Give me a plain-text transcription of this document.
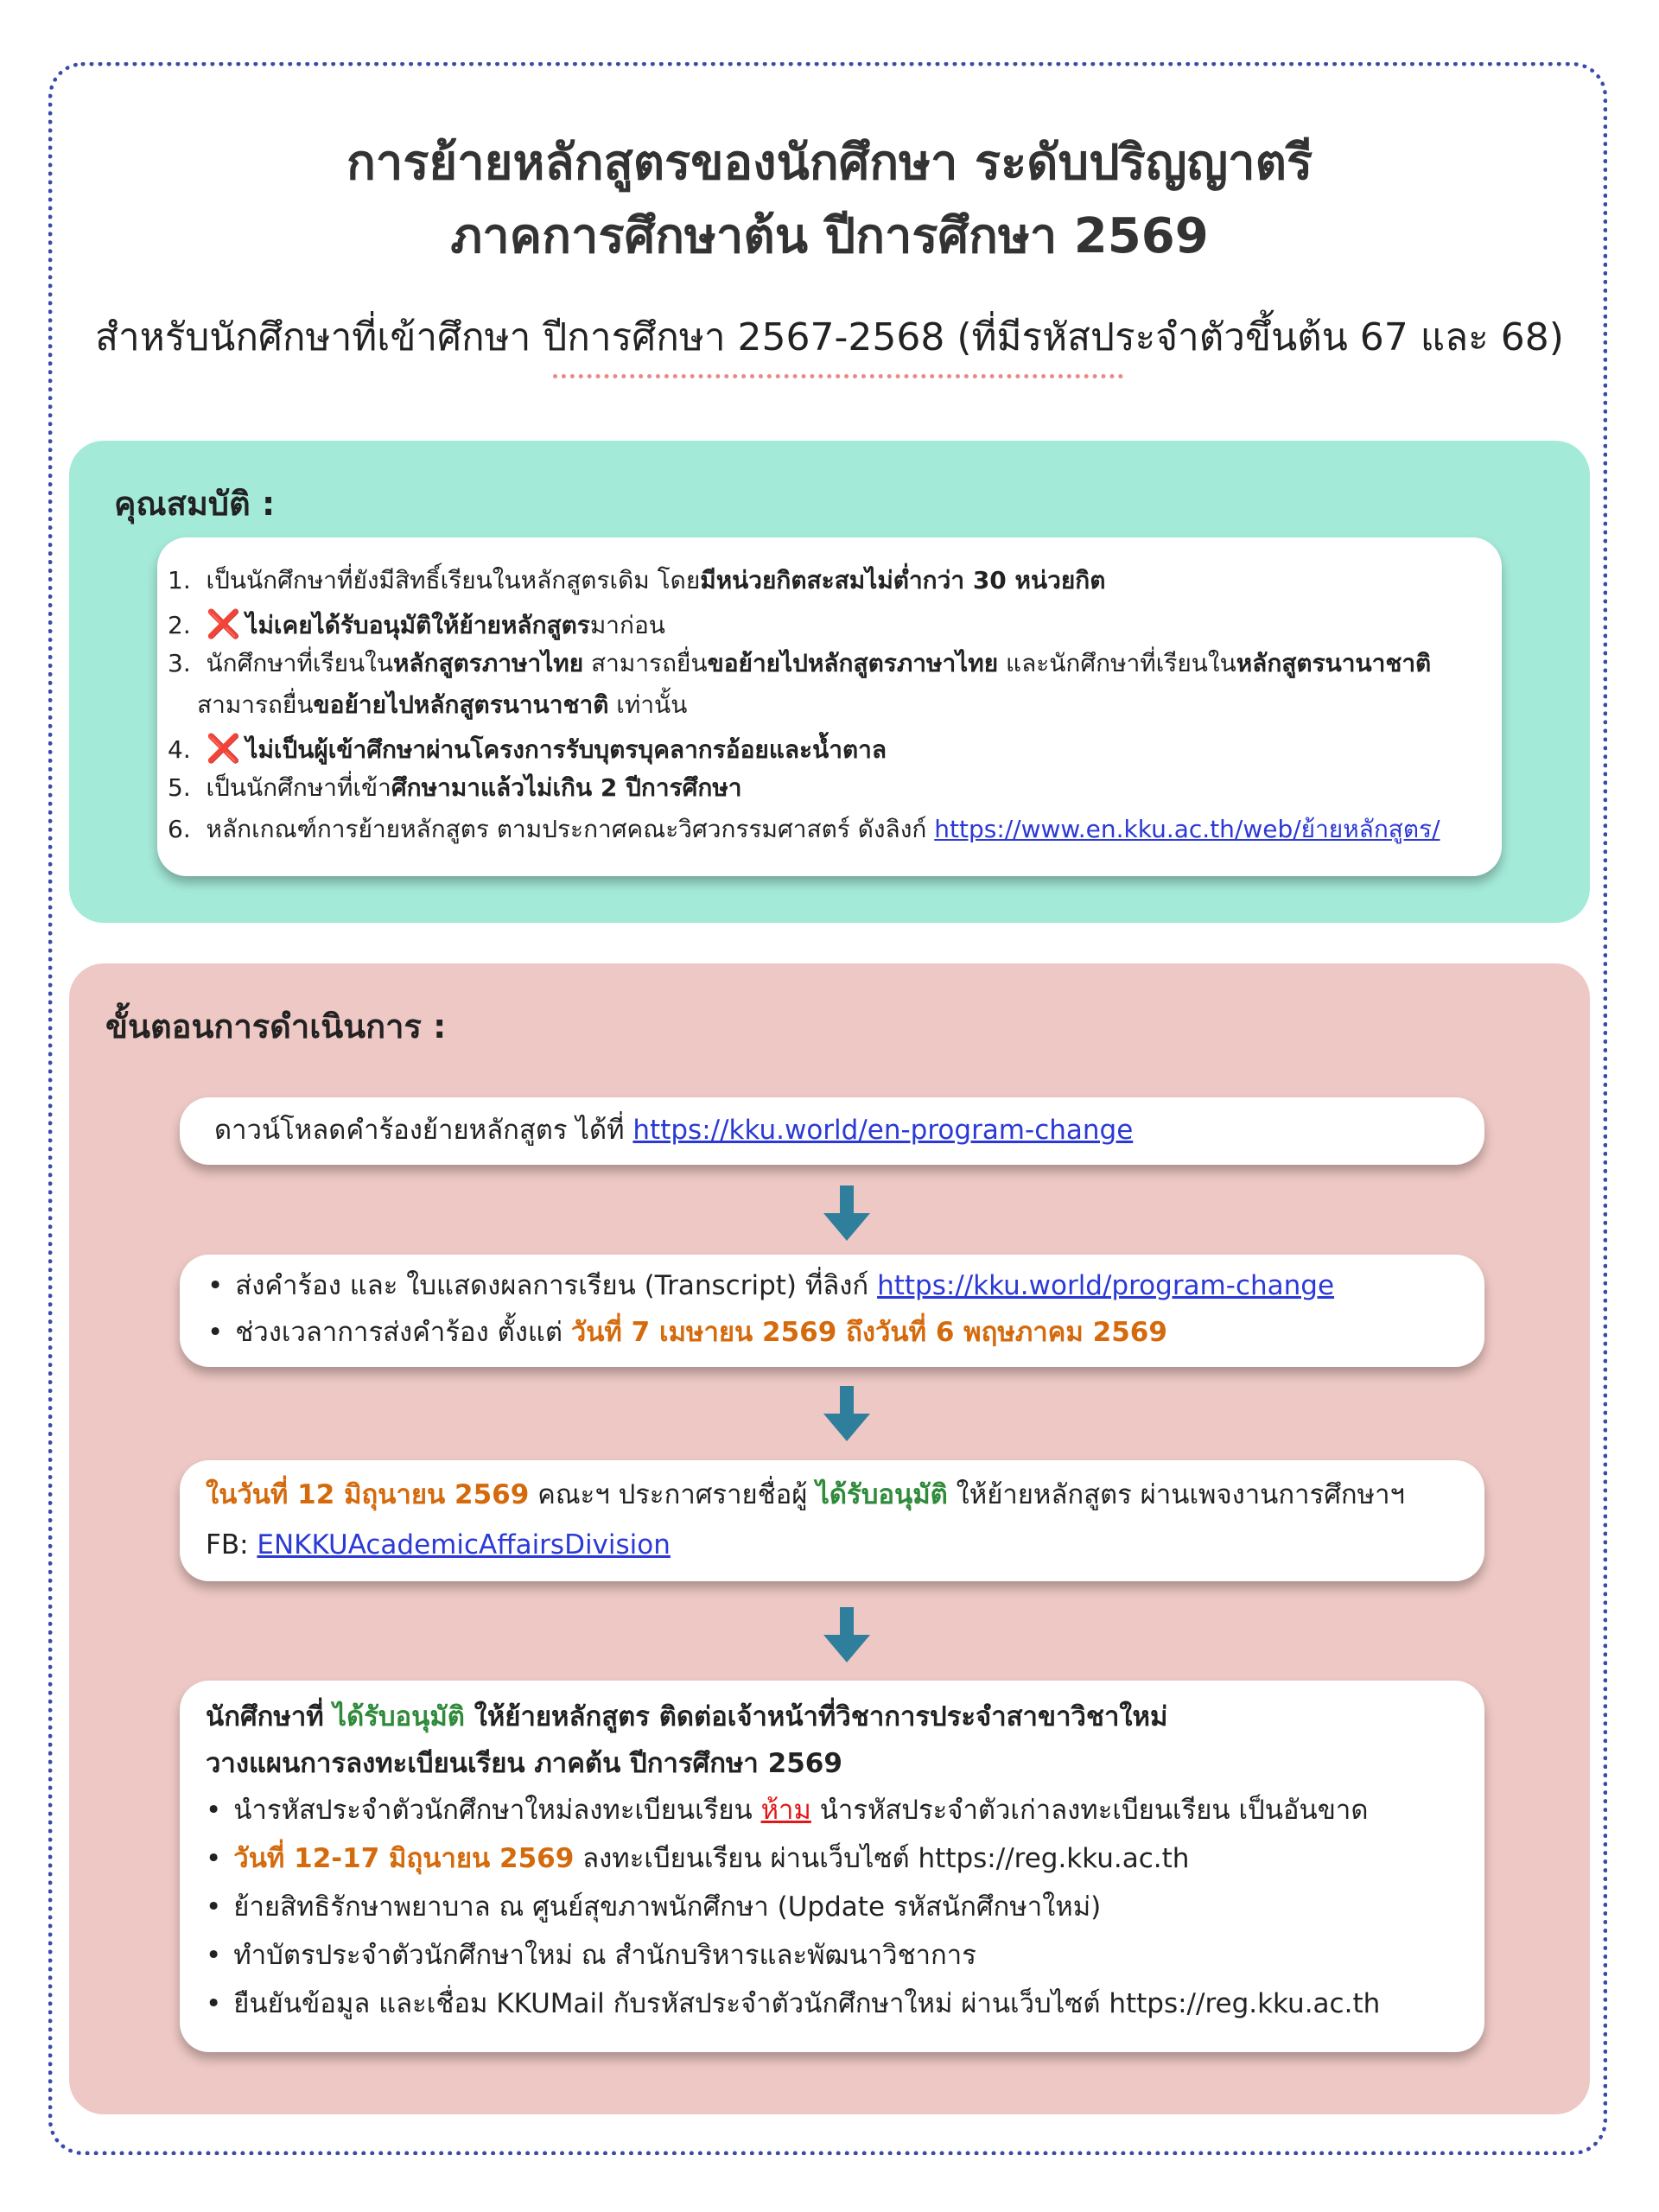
การย้ายหลักสูตรของนักศึกษา ระดับปริญญาตรี
ภาคการศึกษาต้น ปีการศึกษา 2569
สำหรับนักศึกษาที่เข้าศึกษา ปีการศึกษา 2567-2568 (ที่มีรหัสประจำตัวขึ้นต้น 67 และ 68)
คุณสมบัติ :
1. เป็นนักศึกษาที่ยังมีสิทธิ์เรียนในหลักสูตรเดิม โดยมีหน่วยกิตสะสมไม่ต่ำกว่า 30 หน่วยกิต
2. ❌ ไม่เคยได้รับอนุมัติให้ย้ายหลักสูตรมาก่อน
3. นักศึกษาที่เรียนในหลักสูตรภาษาไทย สามารถยื่นขอย้ายไปหลักสูตรภาษาไทย และนักศึกษาที่เรียนในหลักสูตรนานาชาติ
สามารถยื่นขอย้ายไปหลักสูตรนานาชาติ เท่านั้น
4. ❌ ไม่เป็นผู้เข้าศึกษาผ่านโครงการรับบุตรบุคลากรอ้อยและน้ำตาล
5. เป็นนักศึกษาที่เข้าศึกษามาแล้วไม่เกิน 2 ปีการศึกษา
6. หลักเกณฑ์การย้ายหลักสูตร ตามประกาศคณะวิศวกรรมศาสตร์ ดังลิงก์ https://www.en.kku.ac.th/web/ย้ายหลักสูตร/
ขั้นตอนการดำเนินการ :
ดาวน์โหลดคำร้องย้ายหลักสูตร ได้ที่ https://kku.world/en-program-change
• ส่งคำร้อง และ ใบแสดงผลการเรียน (Transcript) ที่ลิงก์ https://kku.world/program-change
• ช่วงเวลาการส่งคำร้อง ตั้งแต่ วันที่ 7 เมษายน 2569 ถึงวันที่ 6 พฤษภาคม 2569
ในวันที่ 12 มิถุนายน 2569 คณะฯ ประกาศรายชื่อผู้ ได้รับอนุมัติ ให้ย้ายหลักสูตร ผ่านเพจงานการศึกษาฯ
FB: ENKKUAcademicAffairsDivision
นักศึกษาที่ ได้รับอนุมัติ ให้ย้ายหลักสูตร ติดต่อเจ้าหน้าที่วิชาการประจำสาขาวิชาใหม่
วางแผนการลงทะเบียนเรียน ภาคต้น ปีการศึกษา 2569
• นำรหัสประจำตัวนักศึกษาใหม่ลงทะเบียนเรียน ห้าม นำรหัสประจำตัวเก่าลงทะเบียนเรียน เป็นอันขาด
• วันที่ 12-17 มิถุนายน 2569 ลงทะเบียนเรียน ผ่านเว็บไซต์ https://reg.kku.ac.th
• ย้ายสิทธิรักษาพยาบาล ณ ศูนย์สุขภาพนักศึกษา (Update รหัสนักศึกษาใหม่)
• ทำบัตรประจำตัวนักศึกษาใหม่ ณ สำนักบริหารและพัฒนาวิชาการ
• ยืนยันข้อมูล และเชื่อม KKUMail กับรหัสประจำตัวนักศึกษาใหม่ ผ่านเว็บไซต์ https://reg.kku.ac.th
